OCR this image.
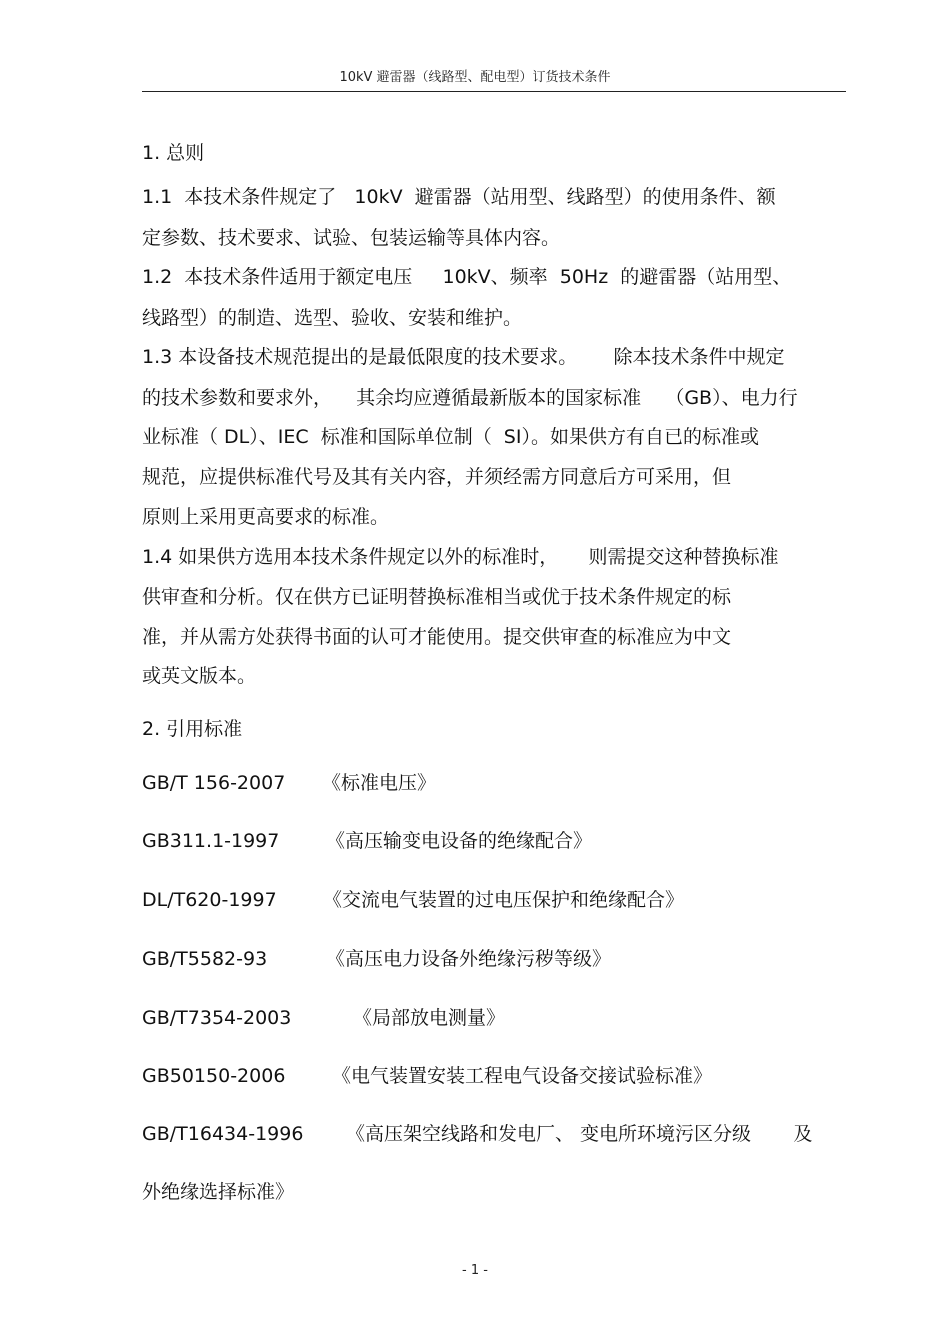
10kV 避雷器（线路型、配电型）订货技术条件
1. 总则
1.1  本技术条件规定了   10kV  避雷器（站用型、线路型）的使用条件、额
定参数、技术要求、试验、包装运输等具体内容。
1.2  本技术条件适用于额定电压     10kV、频率  50Hz  的避雷器（站用型、
线路型）的制造、选型、验收、安装和维护。
1.3 本设备技术规范提出的是最低限度的技术要求。      除本技术条件中规定
的技术参数和要求外，    其余均应遵循最新版本的国家标准    （GB）、电力行
业标准（ DL）、IEC  标准和国际单位制（  SI）。如果供方有自已的标准或
规范，应提供标准代号及其有关内容，并须经需方同意后方可采用，但
原则上采用更高要求的标准。
1.4 如果供方选用本技术条件规定以外的标准时，     则需提交这种替换标准
供审查和分析。仅在供方已证明替换标准相当或优于技术条件规定的标
准，并从需方处获得书面的认可才能使用。提交供审查的标准应为中文
或英文版本。
2. 引用标准
GB/T 156-2007 《标准电压》
GB311.1-1997 《高压输变电设备的绝缘配合》
DL/T620-1997 《交流电气装置的过电压保护和绝缘配合》
GB/T5582-93	《高压电力设备外绝缘污秽等级》
GB/T7354-2003	《局部放电测量》
GB50150-2006 《电气装置安装工程电气设备交接试验标准》
GB/T16434-1996 《高压架空线路和发电厂、 变电所环境污区分级       及
外绝缘选择标准》
- 1 -
